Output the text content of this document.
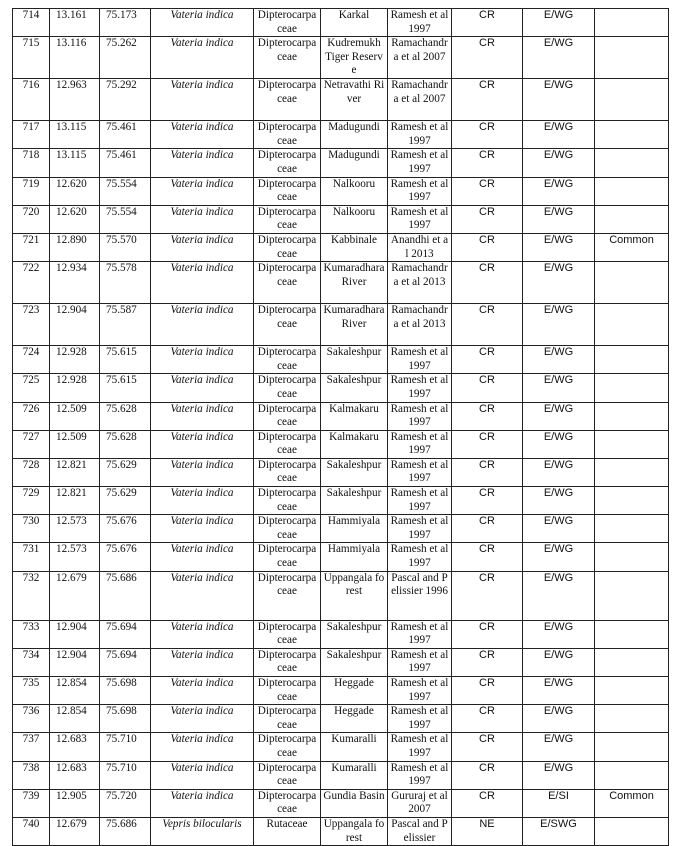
714	13.161	75.173	Vateria indica	Dipterocarpaceae	Karkal	Ramesh et al 1997	CR	E/WG	
715	13.116	75.262	Vateria indica	Dipterocarpaceae	Kudremukh Tiger Reserve	Ramachandra et al 2007	CR	E/WG	
716	12.963	75.292	Vateria indica	Dipterocarpaceae	Netravathi River	Ramachandra et al 2007	CR	E/WG	
717	13.115	75.461	Vateria indica	Dipterocarpaceae	Madugundi	Ramesh et al 1997	CR	E/WG	
718	13.115	75.461	Vateria indica	Dipterocarpaceae	Madugundi	Ramesh et al 1997	CR	E/WG	
719	12.620	75.554	Vateria indica	Dipterocarpaceae	Nalkooru	Ramesh et al 1997	CR	E/WG	
720	12.620	75.554	Vateria indica	Dipterocarpaceae	Nalkooru	Ramesh et al 1997	CR	E/WG	
721	12.890	75.570	Vateria indica	Dipterocarpaceae	Kabbinale	Anandhi et al 2013	CR	E/WG	Common
722	12.934	75.578	Vateria indica	Dipterocarpaceae	Kumaradhara River	Ramachandra et al 2013	CR	E/WG	
723	12.904	75.587	Vateria indica	Dipterocarpaceae	Kumaradhara River	Ramachandra et al 2013	CR	E/WG	
724	12.928	75.615	Vateria indica	Dipterocarpaceae	Sakaleshpur	Ramesh et al 1997	CR	E/WG	
725	12.928	75.615	Vateria indica	Dipterocarpaceae	Sakaleshpur	Ramesh et al 1997	CR	E/WG	
726	12.509	75.628	Vateria indica	Dipterocarpaceae	Kalmakaru	Ramesh et al 1997	CR	E/WG	
727	12.509	75.628	Vateria indica	Dipterocarpaceae	Kalmakaru	Ramesh et al 1997	CR	E/WG	
728	12.821	75.629	Vateria indica	Dipterocarpaceae	Sakaleshpur	Ramesh et al 1997	CR	E/WG	
729	12.821	75.629	Vateria indica	Dipterocarpaceae	Sakaleshpur	Ramesh et al 1997	CR	E/WG	
730	12.573	75.676	Vateria indica	Dipterocarpaceae	Hammiyala	Ramesh et al 1997	CR	E/WG	
731	12.573	75.676	Vateria indica	Dipterocarpaceae	Hammiyala	Ramesh et al 1997	CR	E/WG	
732	12.679	75.686	Vateria indica	Dipterocarpaceae	Uppangala forest	Pascal and Pelissier 1996	CR	E/WG	
733	12.904	75.694	Vateria indica	Dipterocarpaceae	Sakaleshpur	Ramesh et al 1997	CR	E/WG	
734	12.904	75.694	Vateria indica	Dipterocarpaceae	Sakaleshpur	Ramesh et al 1997	CR	E/WG	
735	12.854	75.698	Vateria indica	Dipterocarpaceae	Heggade	Ramesh et al 1997	CR	E/WG	
736	12.854	75.698	Vateria indica	Dipterocarpaceae	Heggade	Ramesh et al 1997	CR	E/WG	
737	12.683	75.710	Vateria indica	Dipterocarpaceae	Kumaralli	Ramesh et al 1997	CR	E/WG	
738	12.683	75.710	Vateria indica	Dipterocarpaceae	Kumaralli	Ramesh et al 1997	CR	E/WG	
739	12.905	75.720	Vateria indica	Dipterocarpaceae	Gundia Basin	Gururaj et al 2007	CR	E/SI	Common
740	12.679	75.686	Vepris bilocularis	Rutaceae	Uppangala forest	Pascal and Pelissier	NE	E/SWG	
